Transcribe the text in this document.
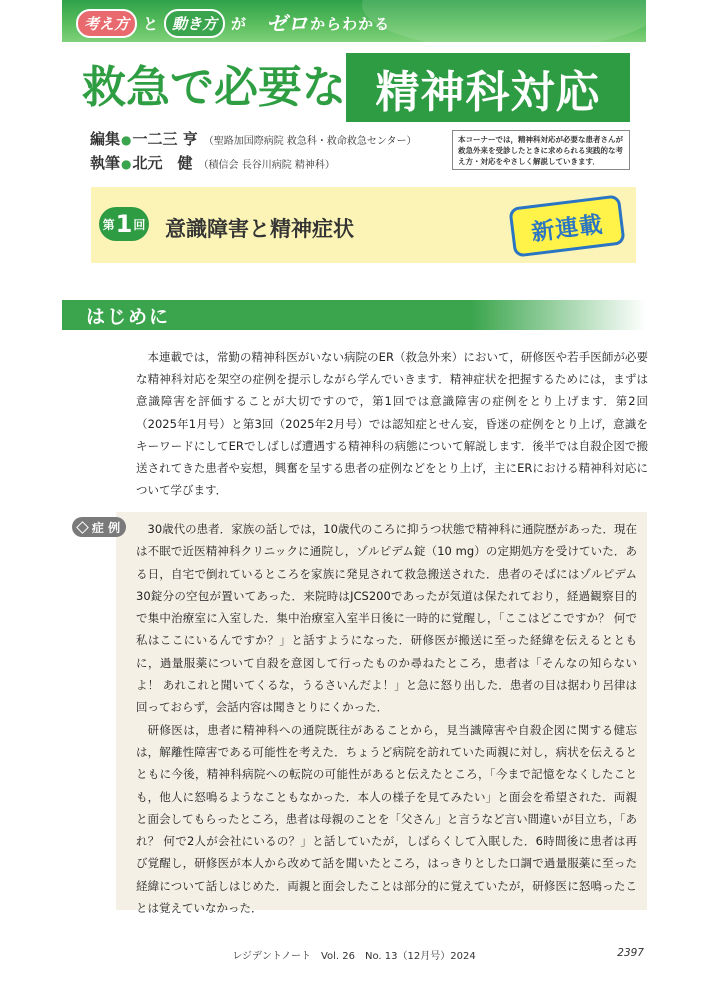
考え方 と 動き方 が ゼロ からわかる
救急で必要な 精神科対応
編集 ● 一二三 亨 （聖路加国際病院 救急科・救命救急センター）
執筆 ● 北元　健 （積信会 長谷川病院 精神科）
本コーナーでは，精神科対応が必要な患者さんが救急外来を受診したときに求められる実践的な考え方・対応をやさしく解説していきます．
第 1 回 意識障害と精神症状	新連載
はじめに

本連載では，常勤の精神科医がいない病院のER（救急外来）において，研修医や若手医師が必要な精神科対応を架空の症例を提示しながら学んでいきます．精神症状を把握するためには，まずは意識障害を評価することが大切ですので，第1回では意識障害の症例をとり上げます．第2回（2025年1月号）と第3回（2025年2月号）では認知症とせん妄，昏迷の症例をとり上げ，意識をキーワードにしてERでしばしば遭遇する精神科の病態について解説します．後半では自殺企図で搬送されてきた患者や妄想，興奮を呈する患者の症例などをとり上げ，主にERにおける精神科対応について学びます．

30歳代の患者．家族の話しでは，10歳代のころに抑うつ状態で精神科に通院歴があった．現在は不眠で近医精神科クリニックに通院し，ゾルピデム錠（10 mg）の定期処方を受けていた．ある日，自宅で倒れているところを家族に発見されて救急搬送された．患者のそばにはゾルピデム30錠分の空包が置いてあった．来院時はJCS200であったが気道は保たれており，経過観察目的で集中治療室に入室した．集中治療室入室半日後に一時的に覚醒し，「ここはどこですか？ 何で私はここにいるんですか？」と話すようになった．研修医が搬送に至った経緯を伝えるとともに，過量服薬について自殺を意図して行ったものか尋ねたところ，患者は「そんなの知らないよ！ あれこれと聞いてくるな，うるさいんだよ！」と急に怒り出した．患者の目は据わり呂律は回っておらず，会話内容は聞きとりにくかった．

研修医は，患者に精神科への通院既往があることから，見当識障害や自殺企図に関する健忘は，解離性障害である可能性を考えた．ちょうど病院を訪れていた両親に対し，病状を伝えるとともに今後，精神科病院への転院の可能性があると伝えたところ，「今まで記憶をなくしたことも，他人に怒鳴るようなこともなかった．本人の様子を見てみたい」と面会を希望された．両親と面会してもらったところ，患者は母親のことを「父さん」と言うなど言い間違いが目立ち，「あれ？ 何で2人が会社にいるの？」と話していたが，しばらくして入眠した．6時間後に患者は再び覚醒し，研修医が本人から改めて話を聞いたところ，はっきりとした口調で過量服薬に至った経緯について話しはじめた．両親と面会したことは部分的に覚えていたが，研修医に怒鳴ったことは覚えていなかった．

症 例
レジデントノート　Vol. 26　No. 13（12月号）2024	2397
